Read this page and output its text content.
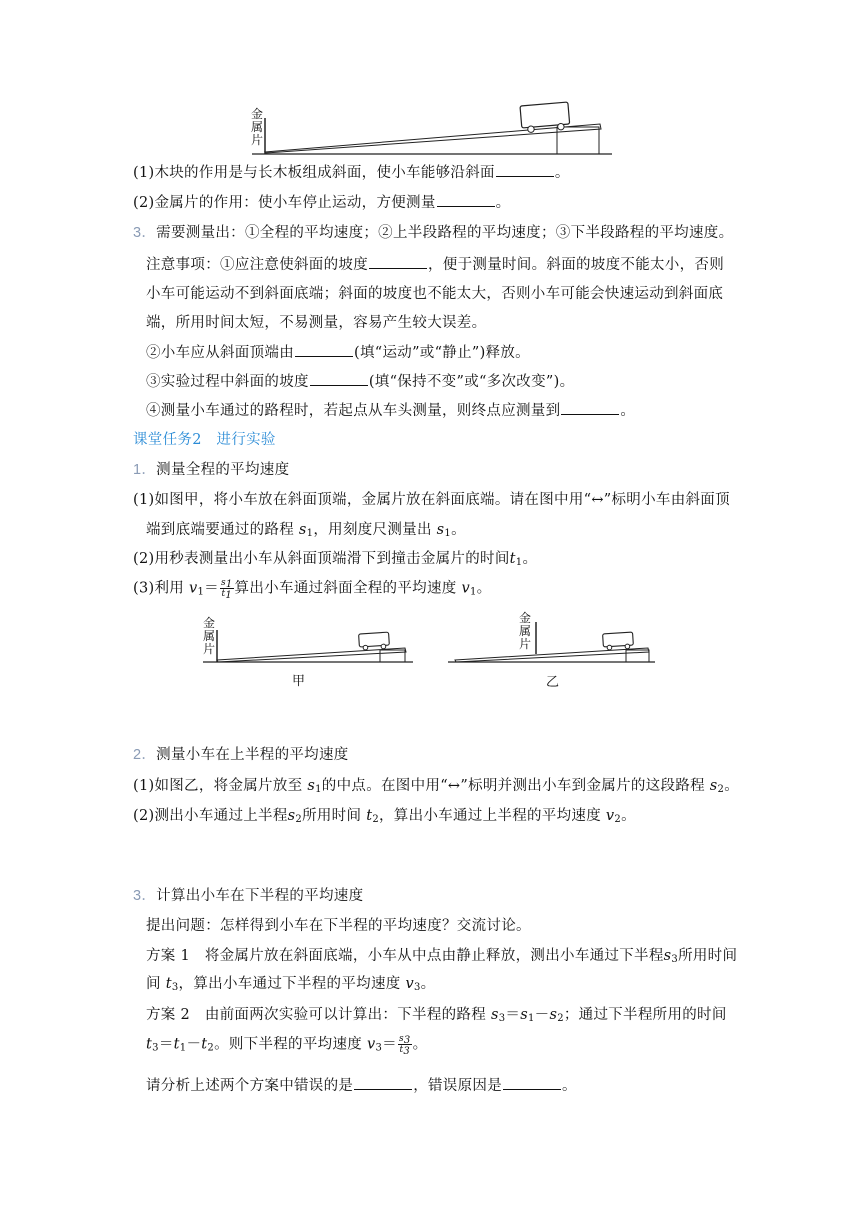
金属片
(1)木块的作用是与长木板组成斜面，使小车能够沿斜面	。
(2)金属片的作用：使小车停止运动，方便测量	。
3．需要测量出：①全程的平均速度；②上半段路程的平均速度；③下半段路程的平均速度。
注意事项：①应注意使斜面的坡度	，便于测量时间。斜面的坡度不能太小，否则
小车可能运动不到斜面底端；斜面的坡度也不能太大，否则小车可能会快速运动到斜面底
端，所用时间太短，不易测量，容易产生较大误差。
②小车应从斜面顶端由	(填“运动”或“静止”)释放。
③实验过程中斜面的坡度	(填“保持不变”或“多次改变”)。
④测量小车通过的路程时，若起点从车头测量，则终点应测量到	。
课堂任务2　进行实验
1．测量全程的平均速度
(1)如图甲，将小车放在斜面顶端，金属片放在斜面底端。请在图中用“↔”标明小车由斜面顶
端到底端要通过的路程 $s_1$，用刻度尺测量出 $s_1$。
(2)用秒表测量出小车从斜面顶端滑下到撞击金属片的时间$t_1$。
(3)利用 $v_1= \frac{s_1}{t_1}$ 算出小车通过斜面全程的平均速度 $v_1$。
金属片
金属片
甲	乙
2．测量小车在上半程的平均速度
(1)如图乙，将金属片放至 $s_1$的中点。在图中用“↔”标明并测出小车到金属片的这段路程 $s_2$。
(2)测出小车通过上半程$s_2$所用时间 $t_2$，算出小车通过上半程的平均速度 $v_2$。
3．计算出小车在下半程的平均速度
提出问题：怎样得到小车在下半程的平均速度？交流讨论。
方案 1　将金属片放在斜面底端，小车从中点由静止释放，测出小车通过下半程$s_3$所用时间
间 $t_3$，算出小车通过下半程的平均速度 $v_3$。
方案 2　由前面两次实验可以计算出：下半程的路程 $s_3=s_1-s_2$；通过下半程所用的时间
$t_3=t_1-t_2$。则下半程的平均速度 $v_3= \frac{s_3}{t_3}$ 。
请分析上述两个方案中错误的是	，错误原因是	。
